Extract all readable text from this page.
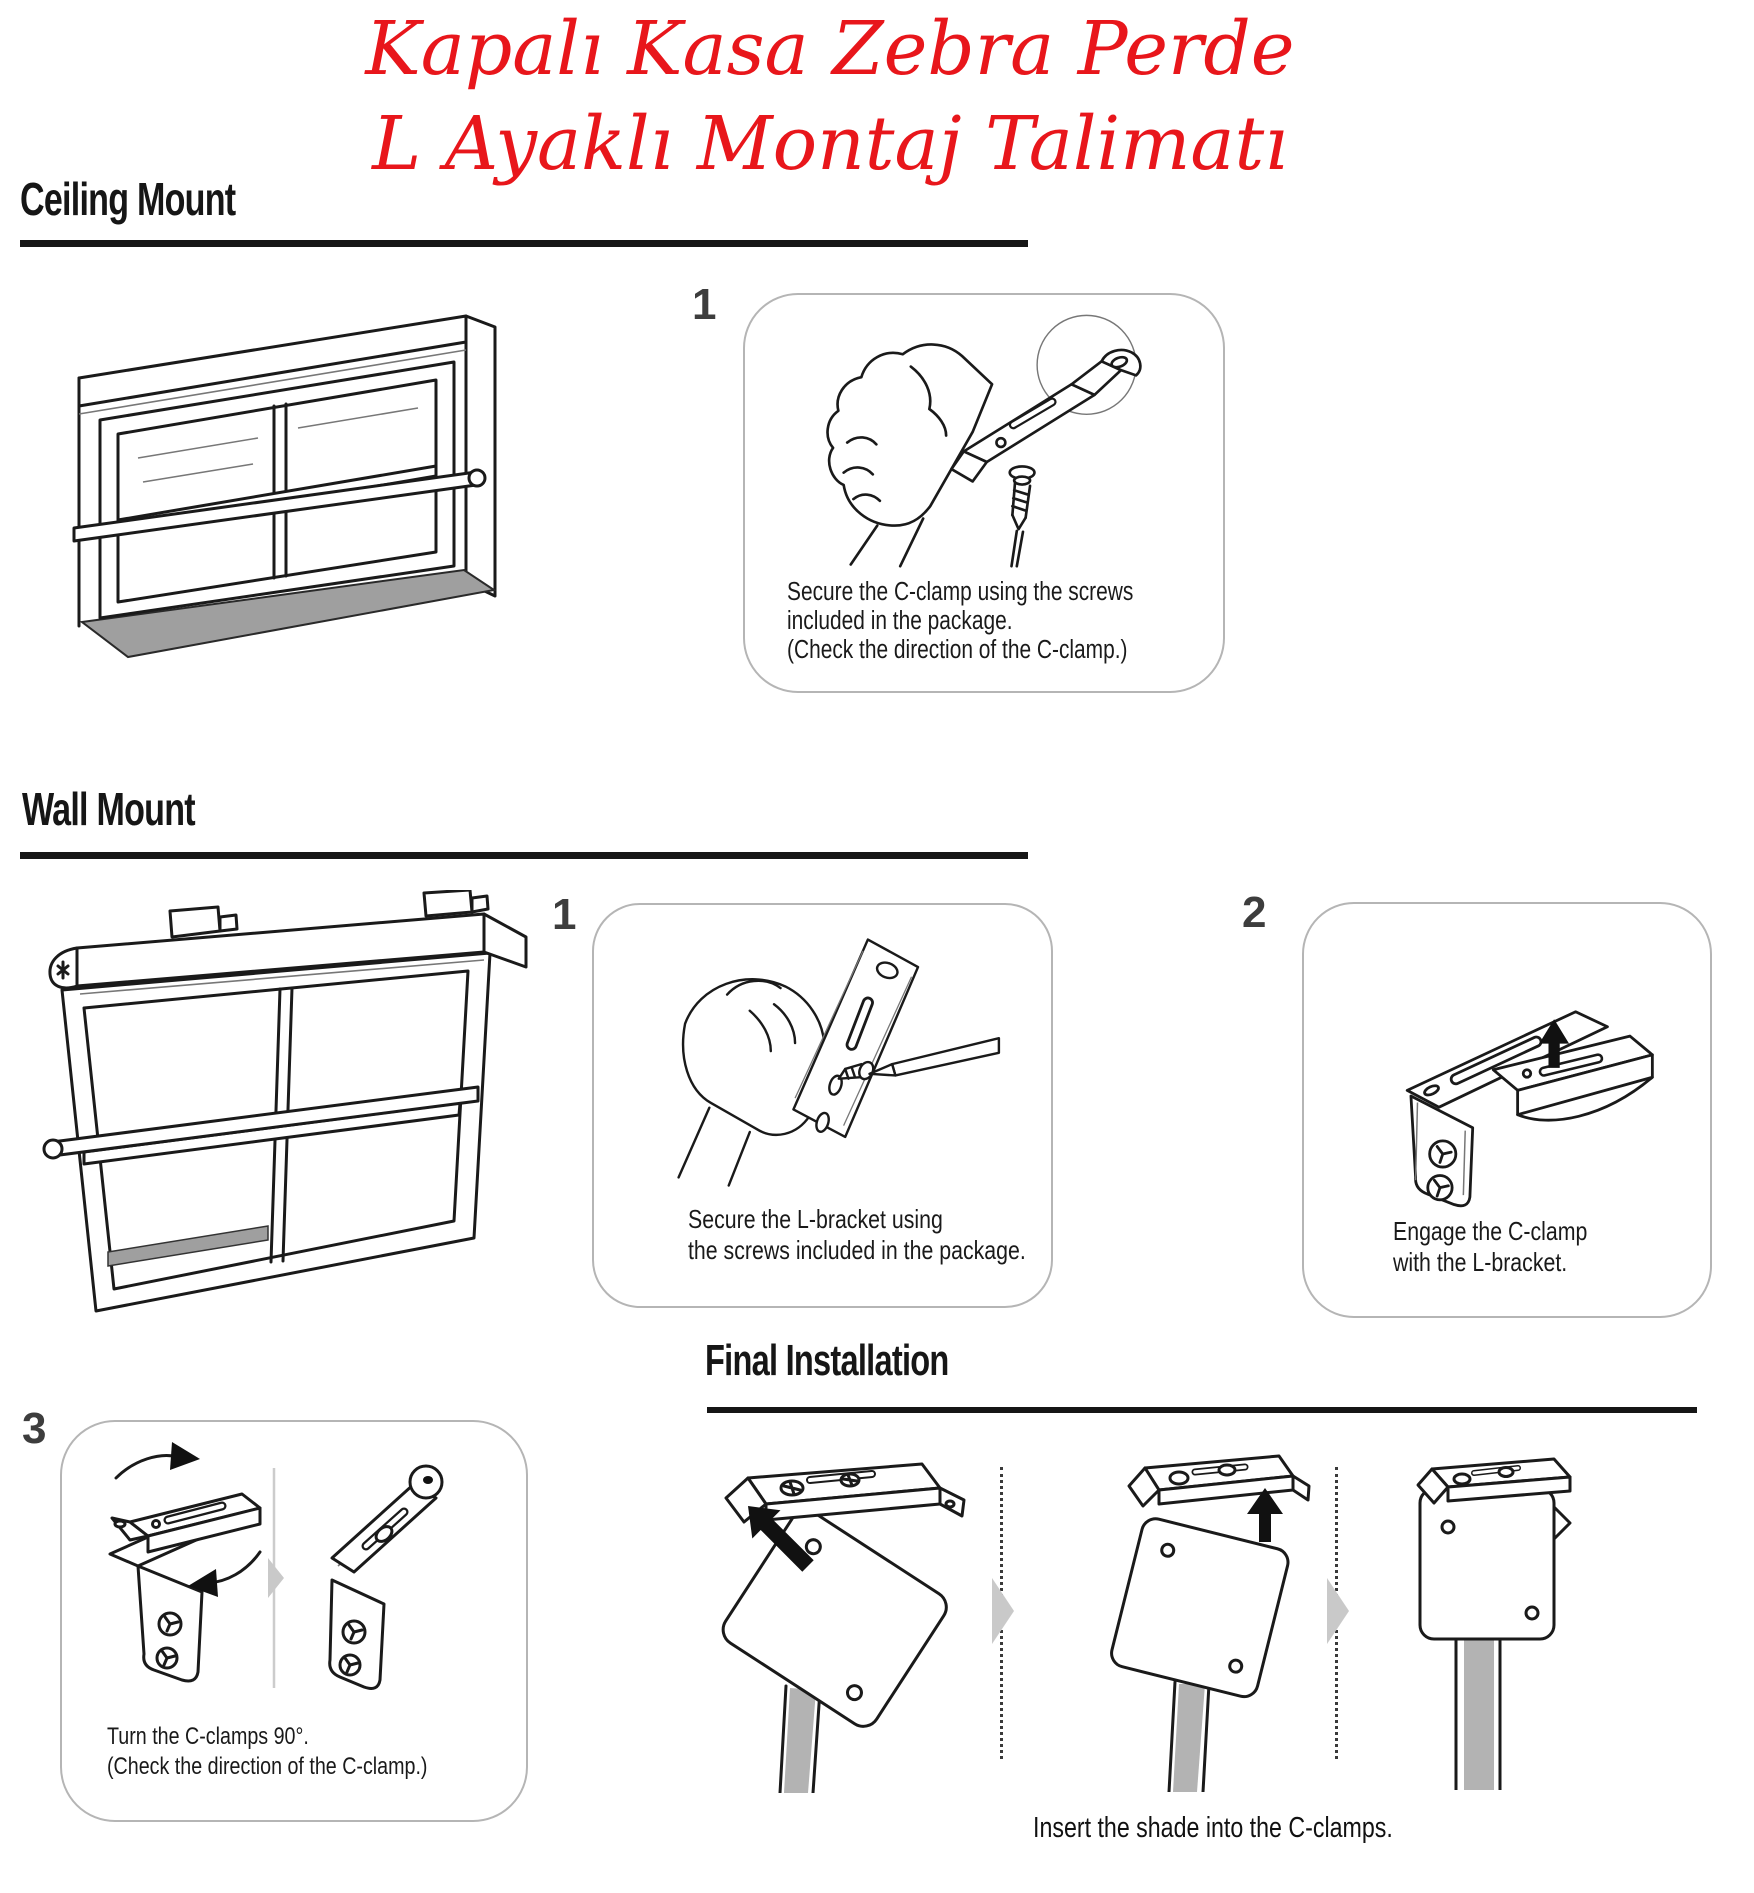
Kapalı Kasa Zebra Perde
L Ayaklı Montaj Talimatı
Ceiling Mount
1
Secure the C-clamp using the screws
included in the package.
(Check the direction of the C-clamp.)
Wall Mount
1
Secure the L-bracket using
the screws included in the package.
2
Engage the C-clamp
with the L-bracket.
Final Installation
3
Turn the C-clamps 90°.
(Check the direction of the C-clamp.)
Insert the shade into the C-clamps.
